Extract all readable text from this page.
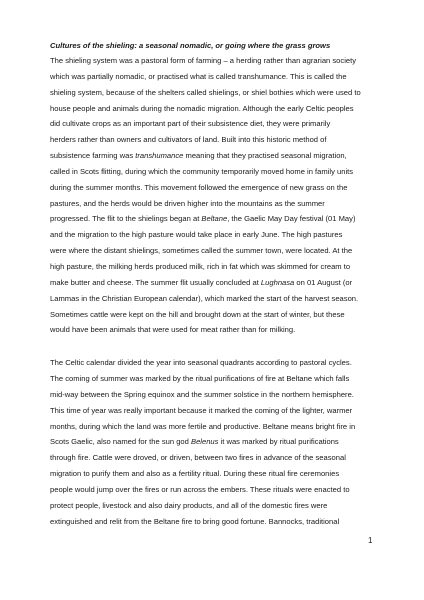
Cultures of the shieling: a seasonal nomadic, or going where the grass grows
The shieling system was a pastoral form of farming – a herding rather than agrarian society
which was partially nomadic, or practised what is called transhumance. This is called the
shieling system, because of the shelters called shielings, or shiel bothies which were used to
house people and animals during the nomadic migration. Although the early Celtic peoples
did cultivate crops as an important part of their subsistence diet, they were primarily
herders rather than owners and cultivators of land. Built into this historic method of
subsistence farming was transhumance meaning that they practised seasonal migration,
called in Scots flitting, during which the community temporarily moved home in family units
during the summer months. This movement followed the emergence of new grass on the
pastures, and the herds would be driven higher into the mountains as the summer
progressed. The flit to the shielings began at Beltane, the Gaelic May Day festival (01 May)
and the migration to the high pasture would take place in early June. The high pastures
were where the distant shielings, sometimes called the summer town, were located. At the
high pasture, the milking herds produced milk, rich in fat which was skimmed for cream to
make butter and cheese. The summer flit usually concluded at Lughnasa on 01 August (or
Lammas in the Christian European calendar), which marked the start of the harvest season.
Sometimes cattle were kept on the hill and brought down at the start of winter, but these
would have been animals that were used for meat rather than for milking.
The Celtic calendar divided the year into seasonal quadrants according to pastoral cycles.
The coming of summer was marked by the ritual purifications of fire at Beltane which falls
mid-way between the Spring equinox and the summer solstice in the northern hemisphere.
This time of year was really important because it marked the coming of the lighter, warmer
months, during which the land was more fertile and productive. Beltane means bright fire in
Scots Gaelic, also named for the sun god Belenus it was marked by ritual purifications
through fire. Cattle were droved, or driven, between two fires in advance of the seasonal
migration to purify them and also as a fertility ritual. During these ritual fire ceremonies
people would jump over the fires or run across the embers. These rituals were enacted to
protect people, livestock and also dairy products, and all of the domestic fires were
extinguished and relit from the Beltane fire to bring good fortune. Bannocks, traditional
1
